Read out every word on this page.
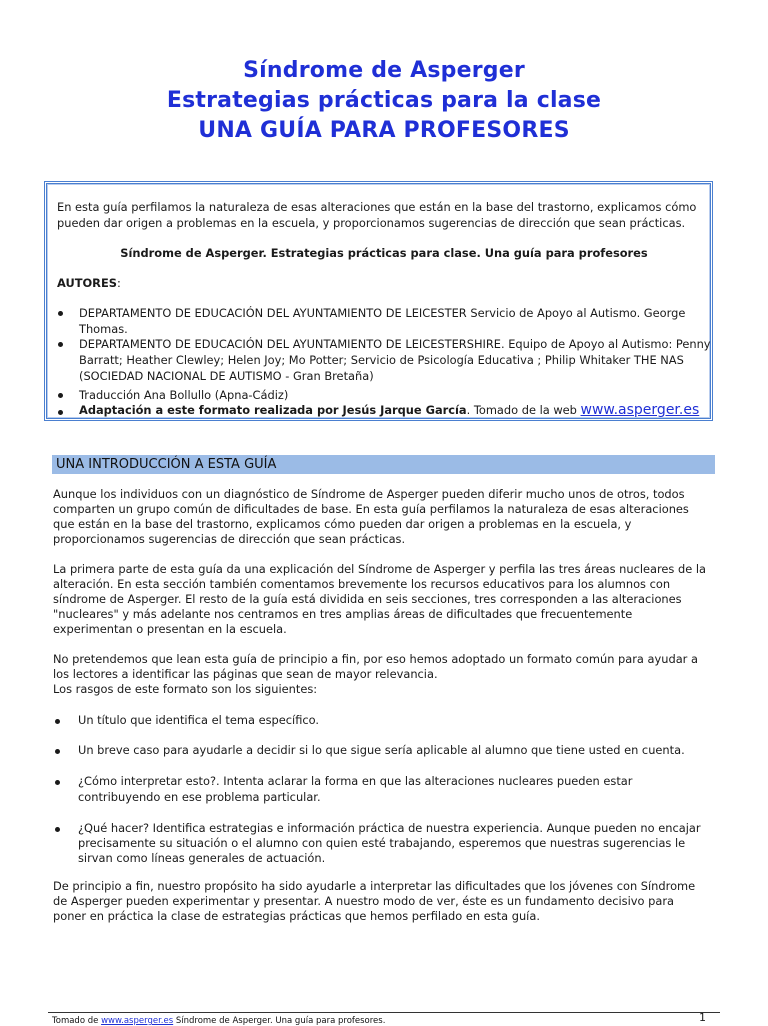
Síndrome de Asperger
Estrategias prácticas para la clase
UNA GUÍA PARA PROFESORES
En esta guía perfilamos la naturaleza de esas alteraciones que están en la base del trastorno, explicamos cómo
pueden dar origen a problemas en la escuela, y proporcionamos sugerencias de dirección que sean prácticas.
Síndrome de Asperger. Estrategias prácticas para clase. Una guía para profesores
AUTORES:
DEPARTAMENTO DE EDUCACIÓN DEL AYUNTAMIENTO DE LEICESTER Servicio de Apoyo al Autismo. George
Thomas.
DEPARTAMENTO DE EDUCACIÓN DEL AYUNTAMIENTO DE LEICESTERSHIRE. Equipo de Apoyo al Autismo: Penny
Barratt; Heather Clewley; Helen Joy; Mo Potter; Servicio de Psicología Educativa ; Philip Whitaker THE NAS
(SOCIEDAD NACIONAL DE AUTISMO - Gran Bretaña)
Traducción Ana Bollullo (Apna-Cádiz)
Adaptación a este formato realizada por Jesús Jarque García. Tomado de la web www.asperger.es
UNA INTRODUCCIÓN A ESTA GUÍA
Aunque los individuos con un diagnóstico de Síndrome de Asperger pueden diferir mucho unos de otros, todos
comparten un grupo común de dificultades de base. En esta guía perfilamos la naturaleza de esas alteraciones
que están en la base del trastorno, explicamos cómo pueden dar origen a problemas en la escuela, y
proporcionamos sugerencias de dirección que sean prácticas.
La primera parte de esta guía da una explicación del Síndrome de Asperger y perfila las tres áreas nucleares de la
alteración. En esta sección también comentamos brevemente los recursos educativos para los alumnos con
síndrome de Asperger. El resto de la guía está dividida en seis secciones, tres corresponden a las alteraciones
"nucleares" y más adelante nos centramos en tres amplias áreas de dificultades que frecuentemente
experimentan o presentan en la escuela.
No pretendemos que lean esta guía de principio a fin, por eso hemos adoptado un formato común para ayudar a
los lectores a identificar las páginas que sean de mayor relevancia.
Los rasgos de este formato son los siguientes:
Un título que identifica el tema específico.
Un breve caso para ayudarle a decidir si lo que sigue sería aplicable al alumno que tiene usted en cuenta.
¿Cómo interpretar esto?. Intenta aclarar la forma en que las alteraciones nucleares pueden estar
contribuyendo en ese problema particular.
¿Qué hacer? Identifica estrategias e información práctica de nuestra experiencia. Aunque pueden no encajar
precisamente su situación o el alumno con quien esté trabajando, esperemos que nuestras sugerencias le
sirvan como líneas generales de actuación.
De principio a fin, nuestro propósito ha sido ayudarle a interpretar las dificultades que los jóvenes con Síndrome
de Asperger pueden experimentar y presentar. A nuestro modo de ver, éste es un fundamento decisivo para
poner en práctica la clase de estrategias prácticas que hemos perfilado en esta guía.
Tomado de www.asperger.es Síndrome de Asperger. Una guía para profesores.	1
